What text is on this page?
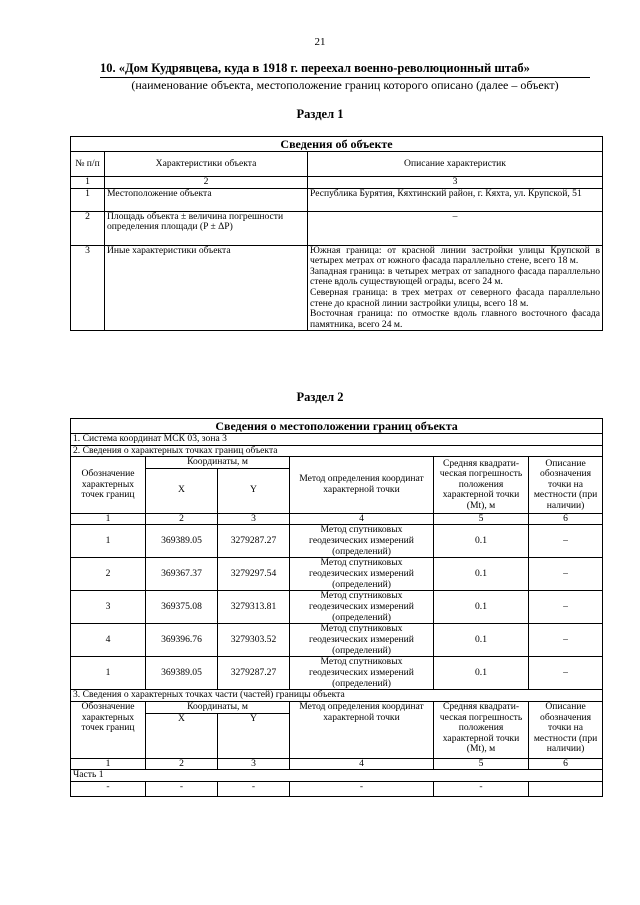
21
10. «Дом Кудрявцева, куда в 1918 г. переехал военно-революционный штаб»
(наименование объекта, местоположение границ которого описано (далее – объект)
Раздел 1
Сведения об объекте		
№ п/п	Характеристики объекта	Описание характеристик
1	2	3
1	Местоположение объекта	Республика Бурятия, Кяхтинский район, г. Кяхта, ул. Крупской, 51
2	Площадь объекта ± величина погрешности определения площади (P ± ΔP)	–
3	Иные характеристики объекта	Южная граница: от красной линии застройки улицы Крупской в четырех метрах от южного фасада параллельно стене, всего 18 м.
Западная граница: в четырех метрах от западного фасада параллельно стене вдоль существующей ограды, всего 24 м.
Северная граница: в трех метрах от северного фасада параллельно стене до красной линии застройки улицы, всего 18 м.
Восточная граница: по отмостке вдоль главного восточного фасада памятника, всего 24 м.
Раздел 2
Сведения о местоположении границ объекта					
1. Система координат МСК 03, зона 3					
2. Сведения о характерных точках границ объекта					
Обозначение характерных точек границ	Координаты, м		Метод определения координат характерной точки	Средняя квадрати-ческая погрешность положения характерной точки (Mt), м	Описание обозначения точки на местности (при наличии)
	X	Y			
1	2	3	4	5	6
1	369389.05	3279287.27	Метод спутниковых геодезических измерений (определений)	0.1	–
2	369367.37	3279297.54	Метод спутниковых геодезических измерений (определений)	0.1	–
3	369375.08	3279313.81	Метод спутниковых геодезических измерений (определений)	0.1	–
4	369396.76	3279303.52	Метод спутниковых геодезических измерений (определений)	0.1	–
1	369389.05	3279287.27	Метод спутниковых геодезических измерений (определений)	0.1	–
3. Сведения о характерных точках части (частей) границы объекта					
Обозначение характерных точек границ	Координаты, м		Метод определения координат характерной точки	Средняя квадрати-ческая погрешность положения характерной точки (Mt), м	Описание обозначения точки на местности (при наличии)
	X	Y			
1	2	3	4	5	6
Часть 1					
-	-	-	-	-	
